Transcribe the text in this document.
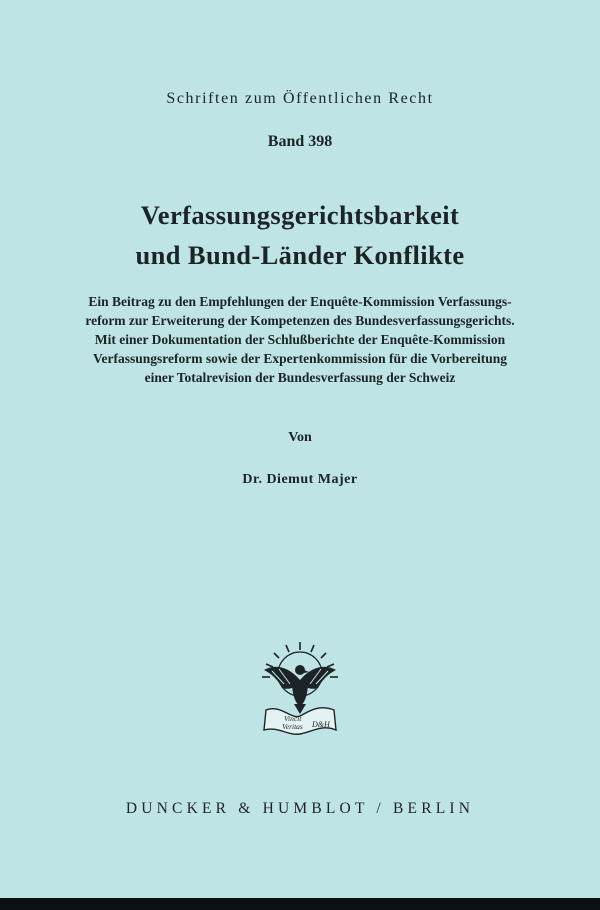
Schriften zum Öffentlichen Recht
Band 398
Verfassungsgerichtsbarkeit
und Bund-Länder Konflikte
Ein Beitrag zu den Empfehlungen der Enquête-Kommission Verfassungs-
reform zur Erweiterung der Kompetenzen des Bundesverfassungsgerichts.
Mit einer Dokumentation der Schlußberichte der Enquête-Kommission
Verfassungsreform sowie der Expertenkommission für die Vorbereitung
einer Totalrevision der Bundesverfassung der Schweiz
Von
Dr. Diemut Majer
Vincit
Veritas D&H
DUNCKER & HUMBLOT / BERLIN
